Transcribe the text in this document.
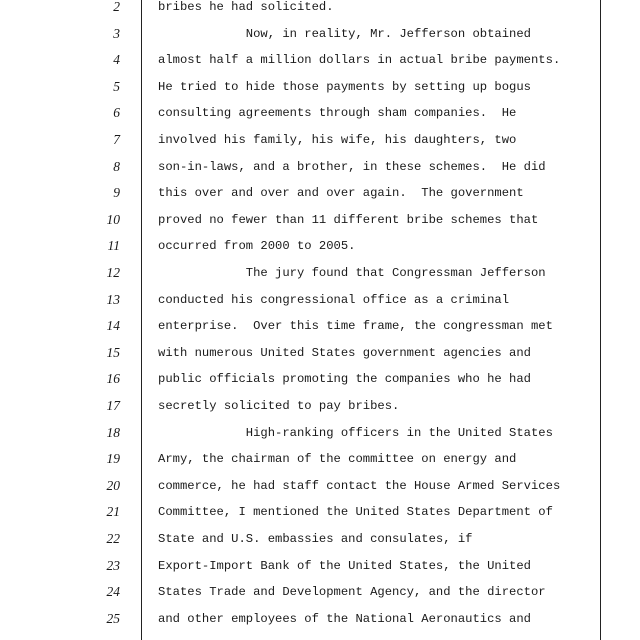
2	bribes he had solicited.
3	Now, in reality, Mr. Jefferson obtained
4	almost half a million dollars in actual bribe payments.
5	He tried to hide those payments by setting up bogus
6	consulting agreements through sham companies.  He
7	involved his family, his wife, his daughters, two
8	son-in-laws, and a brother, in these schemes.  He did
9	this over and over and over again.  The government
10	proved no fewer than 11 different bribe schemes that
11	occurred from 2000 to 2005.
12	The jury found that Congressman Jefferson
13	conducted his congressional office as a criminal
14	enterprise.  Over this time frame, the congressman met
15	with numerous United States government agencies and
16	public officials promoting the companies who he had
17	secretly solicited to pay bribes.
18	High-ranking officers in the United States
19	Army, the chairman of the committee on energy and
20	commerce, he had staff contact the House Armed Services
21	Committee, I mentioned the United States Department of
22	State and U.S. embassies and consulates, if
23	Export-Import Bank of the United States, the United
24	States Trade and Development Agency, and the director
25	and other employees of the National Aeronautics and
